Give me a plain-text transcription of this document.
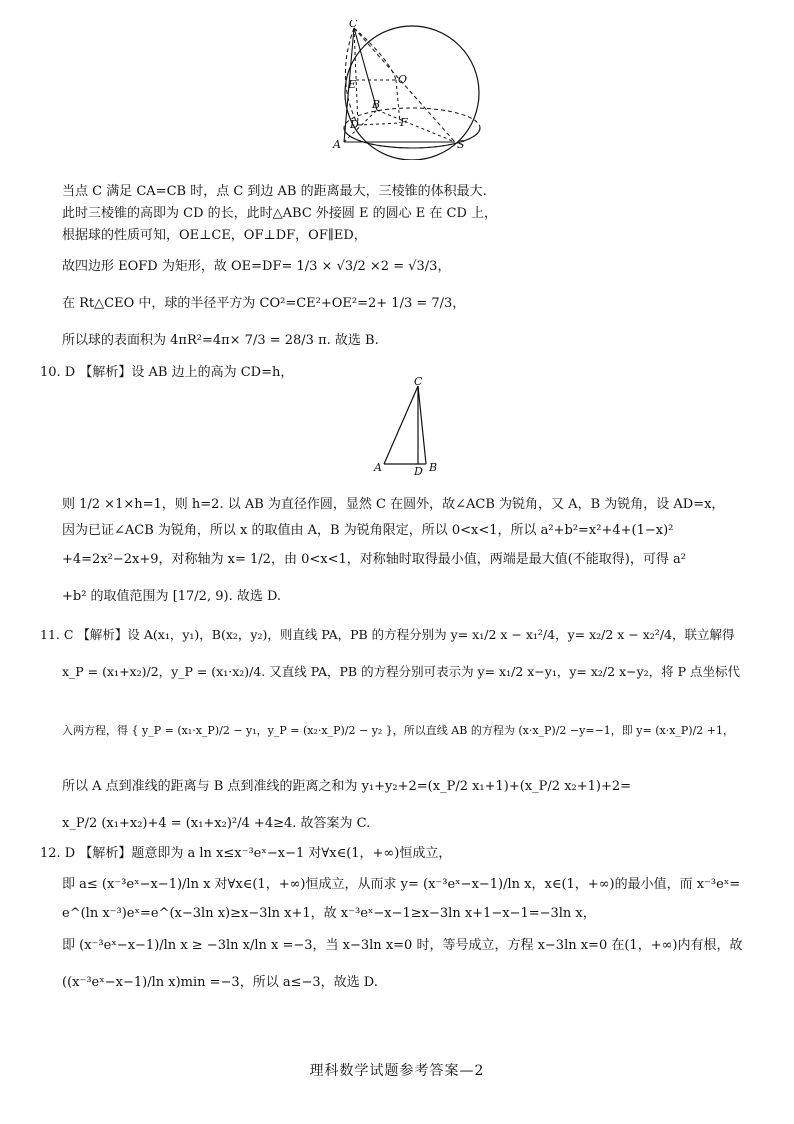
C
O
E
B
D	F
A	S
当点 C 满足 CA=CB 时，点 C 到边 AB 的距离最大，三棱锥的体积最大.
此时三棱锥的高即为 CD 的长，此时△ABC 外接圆 E 的圆心 E 在 CD 上，
根据球的性质可知，OE⊥CE，OF⊥DF，OF∥ED，
故四边形 EOFD 为矩形，故 OE=DF= 1/3 × √3/2 ×2 = √3/3，
在 Rt△CEO 中，球的半径平方为 CO²=CE²+OE²=2+ 1/3 = 7/3，
所以球的表面积为 4πR²=4π× 7/3 = 28/3 π. 故选 B.
10. D 【解析】设 AB 边上的高为 CD=h，
C
A	D B
则 1/2 ×1×h=1，则 h=2. 以 AB 为直径作圆，显然 C 在圆外，故∠ACB 为锐角，又 A，B 为锐角，设 AD=x，
因为已证∠ACB 为锐角，所以 x 的取值由 A，B 为锐角限定，所以 0<x<1，所以 a²+b²=x²+4+(1−x)²
+4=2x²−2x+9，对称轴为 x= 1/2，由 0<x<1，对称轴时取得最小值，两端是最大值(不能取得)，可得 a²
+b² 的取值范围为 [17/2, 9). 故选 D.
11. C 【解析】设 A(x₁，y₁)，B(x₂，y₂)，则直线 PA，PB 的方程分别为 y= x₁/2 x − x₁²/4，y= x₂/2 x − x₂²/4，联立解得
x_P = (x₁+x₂)/2，y_P = (x₁·x₂)/4. 又直线 PA，PB 的方程分别可表示为 y= x₁/2 x−y₁，y= x₂/2 x−y₂，将 P 点坐标代
入两方程，得 { y_P = (x₁·x_P)/2 − y₁，y_P = (x₂·x_P)/2 − y₂ }，所以直线 AB 的方程为 (x·x_P)/2 −y=−1，即 y= (x·x_P)/2 +1，
所以 A 点到准线的距离与 B 点到准线的距离之和为 y₁+y₂+2=(x_P/2 x₁+1)+(x_P/2 x₂+1)+2=
x_P/2 (x₁+x₂)+4 = (x₁+x₂)²/4 +4≥4. 故答案为 C.
12. D 【解析】题意即为 a ln x≤x⁻³eˣ−x−1 对∀x∈(1，+∞)恒成立，
即 a≤ (x⁻³eˣ−x−1)/ln x 对∀x∈(1，+∞)恒成立，从而求 y= (x⁻³eˣ−x−1)/ln x，x∈(1，+∞)的最小值，而 x⁻³eˣ=
e^(ln x⁻³)eˣ=e^(x−3ln x)≥x−3ln x+1，故 x⁻³eˣ−x−1≥x−3ln x+1−x−1=−3ln x，
即 (x⁻³eˣ−x−1)/ln x ≥ −3ln x/ln x =−3，当 x−3ln x=0 时，等号成立，方程 x−3ln x=0 在(1，+∞)内有根，故
((x⁻³eˣ−x−1)/ln x)min =−3，所以 a≤−3，故选 D.
理科数学试题参考答案—2
